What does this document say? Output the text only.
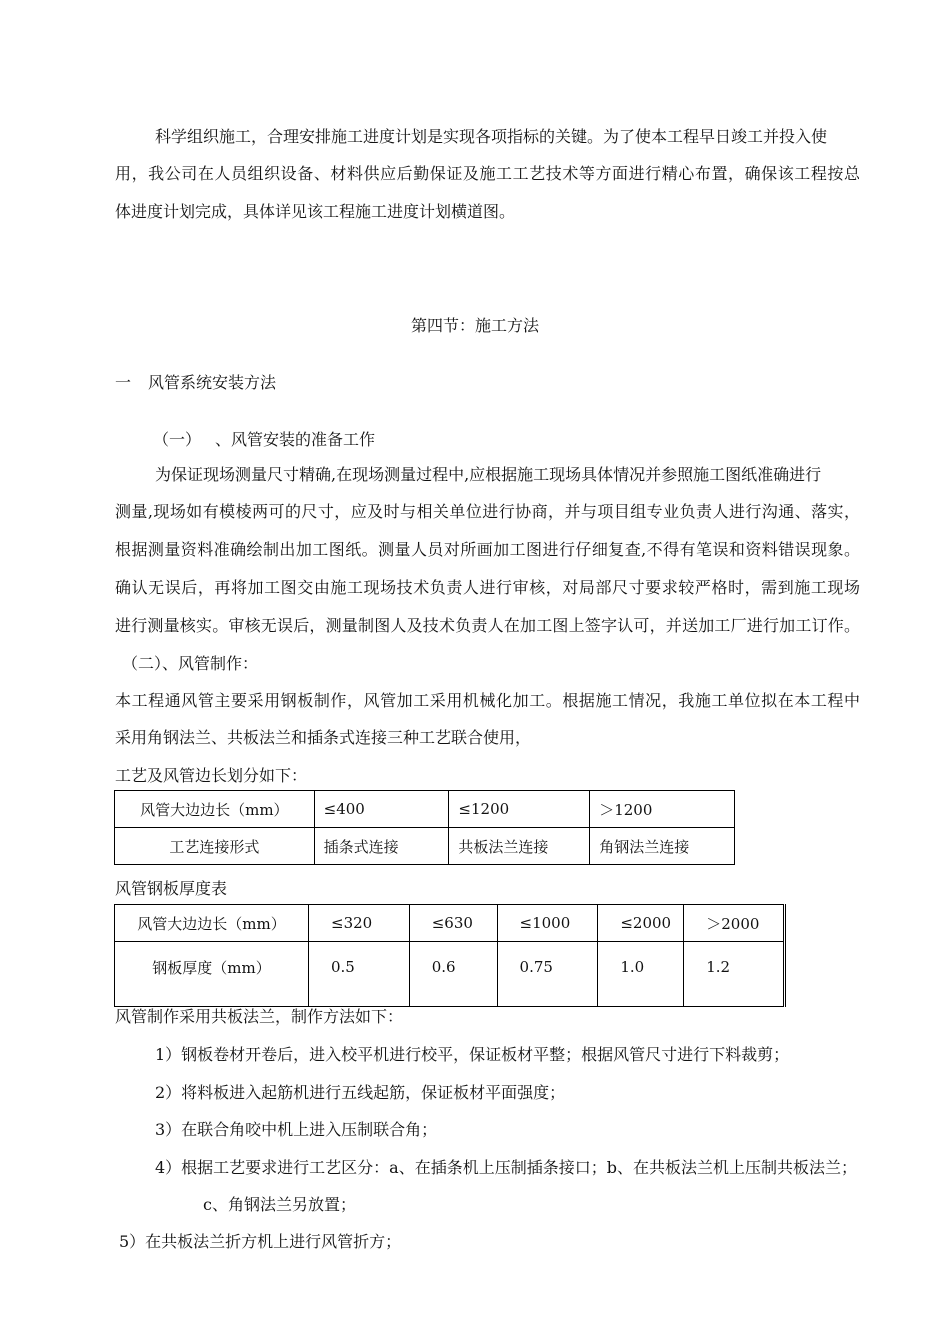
科学组织施工，合理安排施工进度计划是实现各项指标的关键。为了使本工程早日竣工并投入使
用，我公司在人员组织设备、材料供应后勤保证及施工工艺技术等方面进行精心布置，确保该工程按总
体进度计划完成，具体详见该工程施工进度计划横道图。
第四节：施工方法
一 风管系统安装方法
（一） 、风管安装的准备工作
为保证现场测量尺寸精确,在现场测量过程中,应根据施工现场具体情况并参照施工图纸准确进行
测量,现场如有模棱两可的尺寸，应及时与相关单位进行协商，并与项目组专业负责人进行沟通、落实，
根据测量资料准确绘制出加工图纸。测量人员对所画加工图进行仔细复查,不得有笔误和资料错误现象。
确认无误后，再将加工图交由施工现场技术负责人进行审核，对局部尺寸要求较严格时，需到施工现场
进行测量核实。审核无误后，测量制图人及技术负责人在加工图上签字认可，并送加工厂进行加工订作。
（二）、风管制作：
本工程通风管主要采用钢板制作，风管加工采用机械化加工。根据施工情况，我施工单位拟在本工程中
采用角钢法兰、共板法兰和插条式连接三种工艺联合使用，
工艺及风管边长划分如下：
风管大边边长（mm）	≤400	≤1200	＞1200
工艺连接形式	插条式连接	共板法兰连接	角钢法兰连接
风管钢板厚度表
风管大边边长（mm）	≤320	≤630	≤1000	≤2000	＞2000
钢板厚度（mm）	0.5	0.6	0.75	1.0	1.2
风管制作采用共板法兰，制作方法如下：
1）钢板卷材开卷后，进入校平机进行校平，保证板材平整；根据风管尺寸进行下料裁剪；
2）将料板进入起筋机进行五线起筋，保证板材平面强度；
3）在联合角咬中机上进入压制联合角；
4）根据工艺要求进行工艺区分：a、在插条机上压制插条接口；b、在共板法兰机上压制共板法兰；
c、角钢法兰另放置；
5）在共板法兰折方机上进行风管折方；
